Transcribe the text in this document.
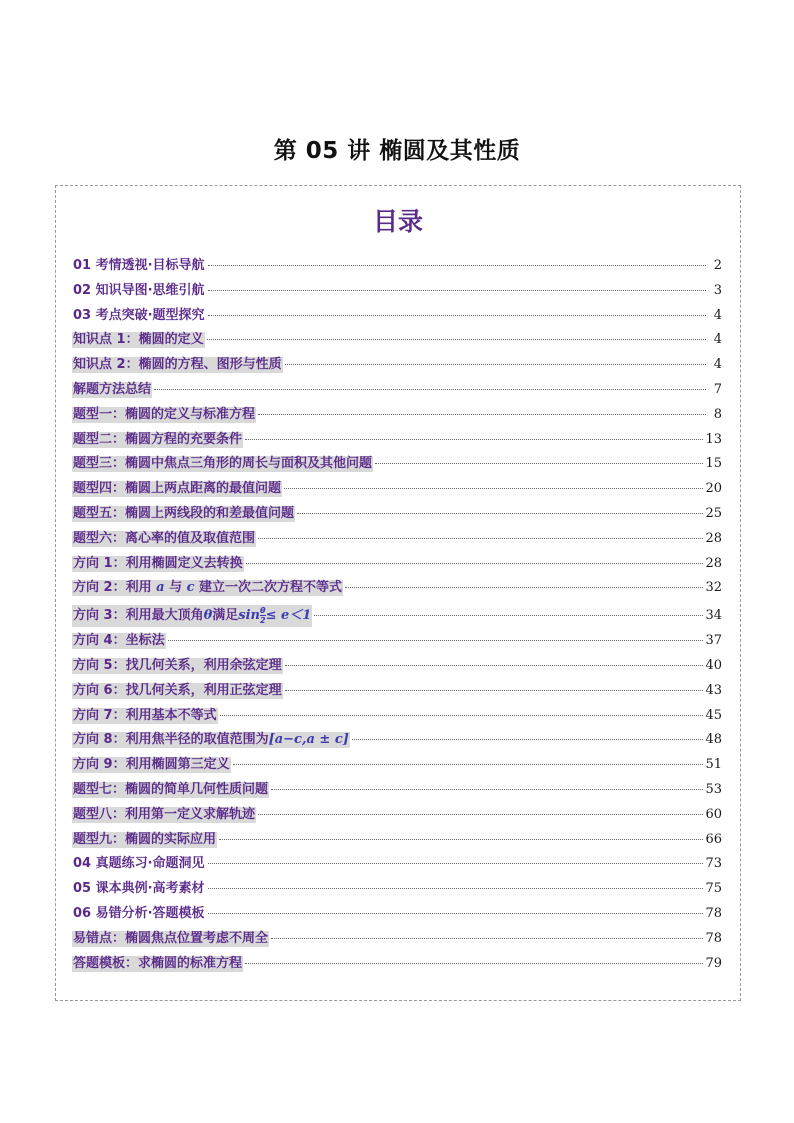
第 05 讲 椭圆及其性质
目录
01 考情透视·目标导航	2
02 知识导图·思维引航	3
03 考点突破·题型探究	4
知识点 1：椭圆的定义	4
知识点 2：椭圆的方程、图形与性质	4
解题方法总结	7
题型一：椭圆的定义与标准方程	8
题型二：椭圆方程的充要条件	13
题型三：椭圆中焦点三角形的周长与面积及其他问题	15
题型四：椭圆上两点距离的最值问题	20
题型五：椭圆上两线段的和差最值问题	25
题型六：离心率的值及取值范围	28
方向 1：利用椭圆定义去转换	28
方向 2：利用 a 与 c 建立一次二次方程不等式	32
方向 3：利用最大顶角θ满足$\sin \frac{\theta}{2} \le e<1$	34
方向 4：坐标法	37
方向 5：找几何关系，利用余弦定理	40
方向 6：找几何关系，利用正弦定理	43
方向 7：利用基本不等式	45
方向 8：利用焦半径的取值范围为[a−c,a ± c]	48
方向 9：利用椭圆第三定义	51
题型七：椭圆的简单几何性质问题	53
题型八：利用第一定义求解轨迹	60
题型九：椭圆的实际应用	66
04 真题练习·命题洞见	73
05 课本典例·高考素材	75
06 易错分析·答题模板	78
易错点：椭圆焦点位置考虑不周全	78
答题模板：求椭圆的标准方程	79
